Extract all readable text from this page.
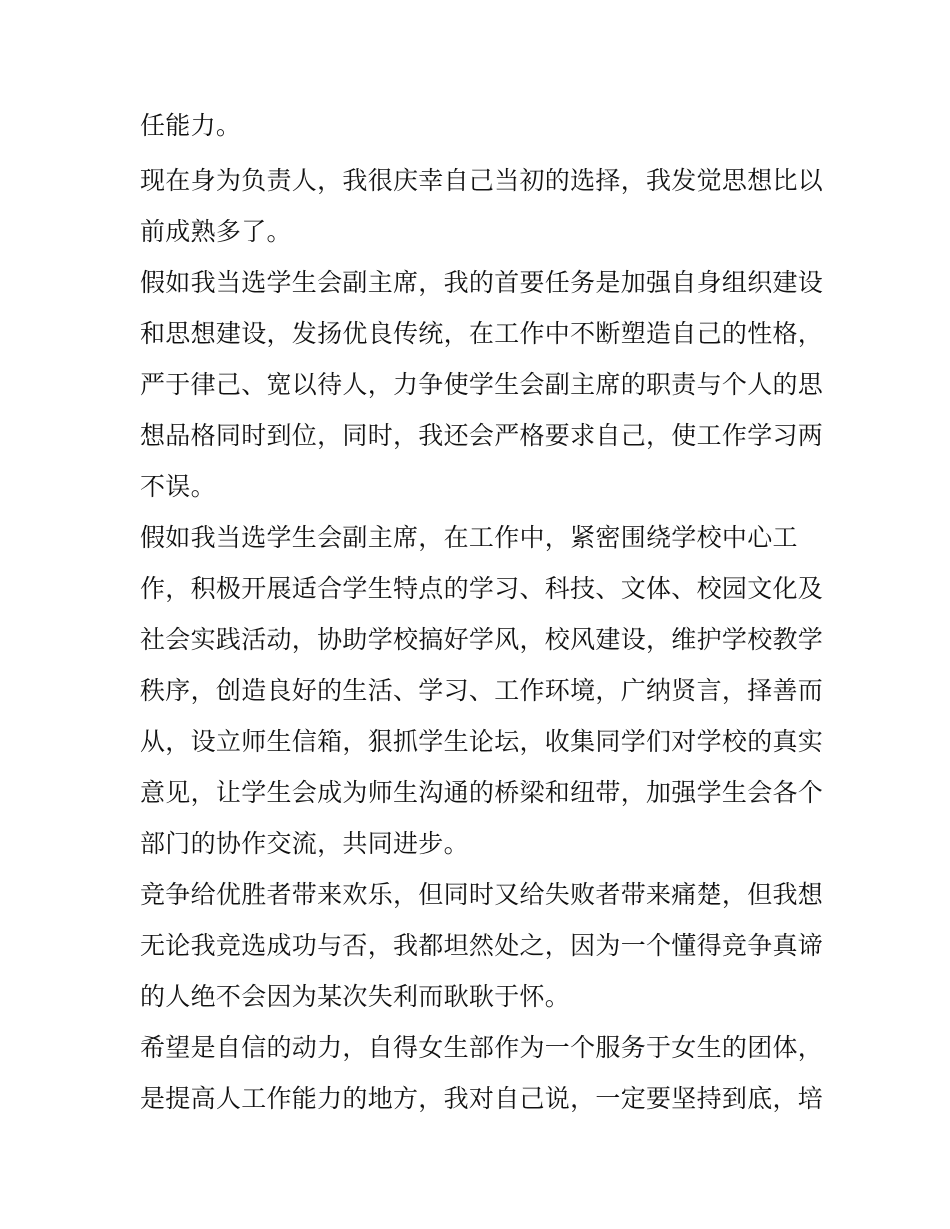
任能力。
现在身为负责人，我很庆幸自己当初的选择，我发觉思想比以
前成熟多了。
假如我当选学生会副主席，我的首要任务是加强自身组织建设
和思想建设，发扬优良传统，在工作中不断塑造自己的性格，
严于律己、宽以待人，力争使学生会副主席的职责与个人的思
想品格同时到位，同时，我还会严格要求自己，使工作学习两
不误。
假如我当选学生会副主席，在工作中，紧密围绕学校中心工
作，积极开展适合学生特点的学习、科技、文体、校园文化及
社会实践活动，协助学校搞好学风，校风建设，维护学校教学
秩序，创造良好的生活、学习、工作环境，广纳贤言，择善而
从，设立师生信箱，狠抓学生论坛，收集同学们对学校的真实
意见，让学生会成为师生沟通的桥梁和纽带，加强学生会各个
部门的协作交流，共同进步。
竞争给优胜者带来欢乐，但同时又给失败者带来痛楚，但我想
无论我竞选成功与否，我都坦然处之，因为一个懂得竞争真谛
的人绝不会因为某次失利而耿耿于怀。
希望是自信的动力，自得女生部作为一个服务于女生的团体，
是提高人工作能力的地方，我对自己说，一定要坚持到底，培
